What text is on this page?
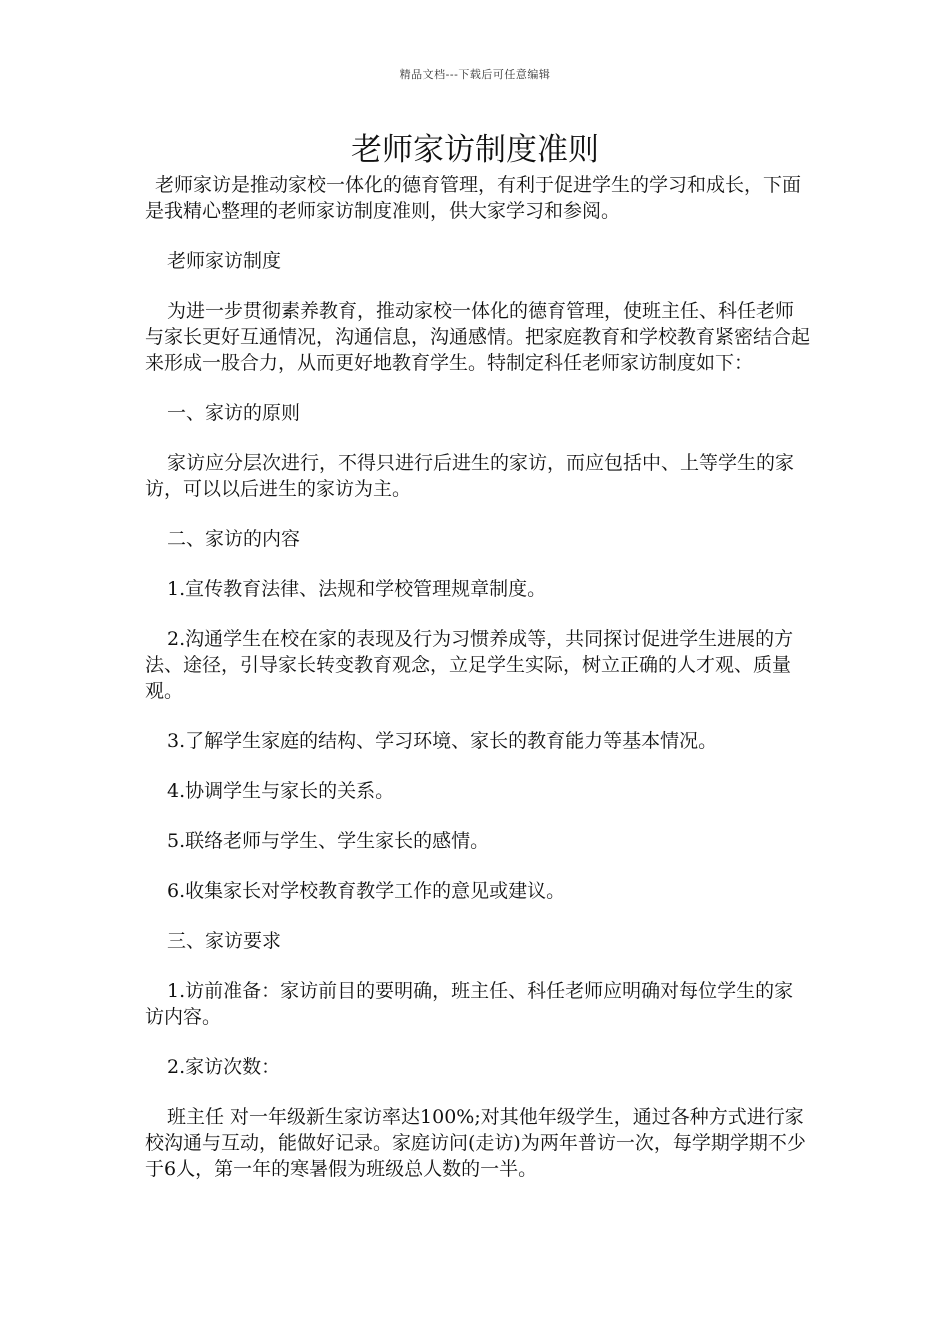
精品文档---下载后可任意编辑
老师家访制度准则

老师家访是推动家校一体化的德育管理，有利于促进学生的学习和成长，下面是我精心整理的老师家访制度准则，供大家学习和参阅。

老师家访制度

为进一步贯彻素养教育，推动家校一体化的德育管理，使班主任、科任老师与家长更好互通情况，沟通信息，沟通感情。把家庭教育和学校教育紧密结合起来形成一股合力，从而更好地教育学生。特制定科任老师家访制度如下：

一、家访的原则

家访应分层次进行，不得只进行后进生的家访，而应包括中、上等学生的家访，可以以后进生的家访为主。

二、家访的内容

1.宣传教育法律、法规和学校管理规章制度。

2.沟通学生在校在家的表现及行为习惯养成等，共同探讨促进学生进展的方法、途径，引导家长转变教育观念，立足学生实际，树立正确的人才观、质量观。

3.了解学生家庭的结构、学习环境、家长的教育能力等基本情况。

4.协调学生与家长的关系。

5.联络老师与学生、学生家长的感情。

6.收集家长对学校教育教学工作的意见或建议。

三、家访要求

1.访前准备：家访前目的要明确，班主任、科任老师应明确对每位学生的家访内容。

2.家访次数：

班主任 对一年级新生家访率达100%;对其他年级学生，通过各种方式进行家校沟通与互动，能做好记录。家庭访问(走访)为两年普访一次，每学期学期不少于6人，第一年的寒暑假为班级总人数的一半。
